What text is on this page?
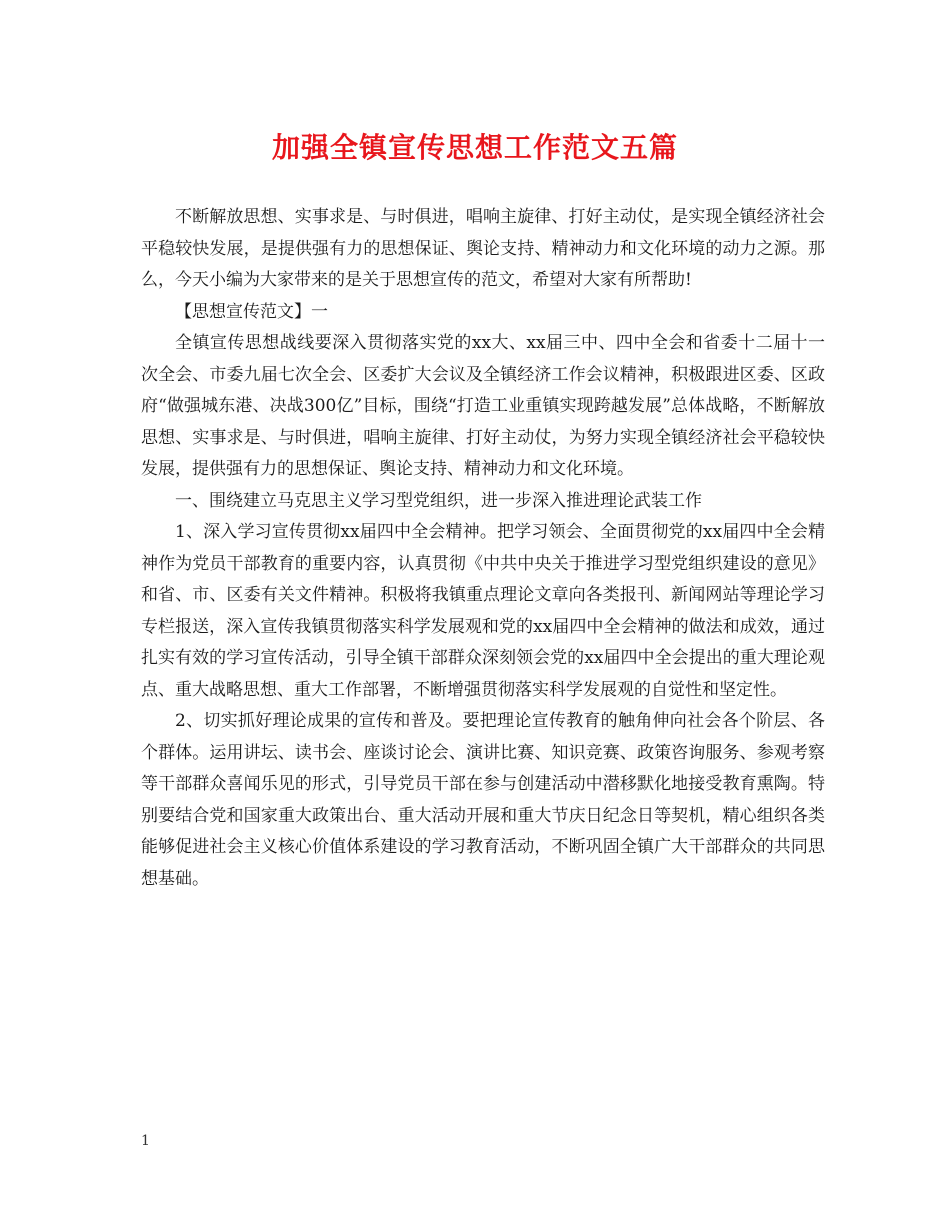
加强全镇宣传思想工作范文五篇

不断解放思想、实事求是、与时俱进，唱响主旋律、打好主动仗，是实现全镇经济社会平稳较快发展，是提供强有力的思想保证、舆论支持、精神动力和文化环境的动力之源。那么，今天小编为大家带来的是关于思想宣传的范文，希望对大家有所帮助!

【思想宣传范文】一

全镇宣传思想战线要深入贯彻落实党的xx大、xx届三中、四中全会和省委十二届十一次全会、市委九届七次全会、区委扩大会议及全镇经济工作会议精神，积极跟进区委、区政府“做强城东港、决战300亿”目标，围绕“打造工业重镇实现跨越发展”总体战略，不断解放思想、实事求是、与时俱进，唱响主旋律、打好主动仗，为努力实现全镇经济社会平稳较快发展，提供强有力的思想保证、舆论支持、精神动力和文化环境。

一、围绕建立马克思主义学习型党组织，进一步深入推进理论武装工作

1、深入学习宣传贯彻xx届四中全会精神。把学习领会、全面贯彻党的xx届四中全会精神作为党员干部教育的重要内容，认真贯彻《中共中央关于推进学习型党组织建设的意见》和省、市、区委有关文件精神。积极将我镇重点理论文章向各类报刊、新闻网站等理论学习专栏报送，深入宣传我镇贯彻落实科学发展观和党的xx届四中全会精神的做法和成效，通过扎实有效的学习宣传活动，引导全镇干部群众深刻领会党的xx届四中全会提出的重大理论观点、重大战略思想、重大工作部署，不断增强贯彻落实科学发展观的自觉性和坚定性。

2、切实抓好理论成果的宣传和普及。要把理论宣传教育的触角伸向社会各个阶层、各个群体。运用讲坛、读书会、座谈讨论会、演讲比赛、知识竞赛、政策咨询服务、参观考察等干部群众喜闻乐见的形式，引导党员干部在参与创建活动中潜移默化地接受教育熏陶。特别要结合党和国家重大政策出台、重大活动开展和重大节庆日纪念日等契机，精心组织各类能够促进社会主义核心价值体系建设的学习教育活动，不断巩固全镇广大干部群众的共同思想基础。

1
